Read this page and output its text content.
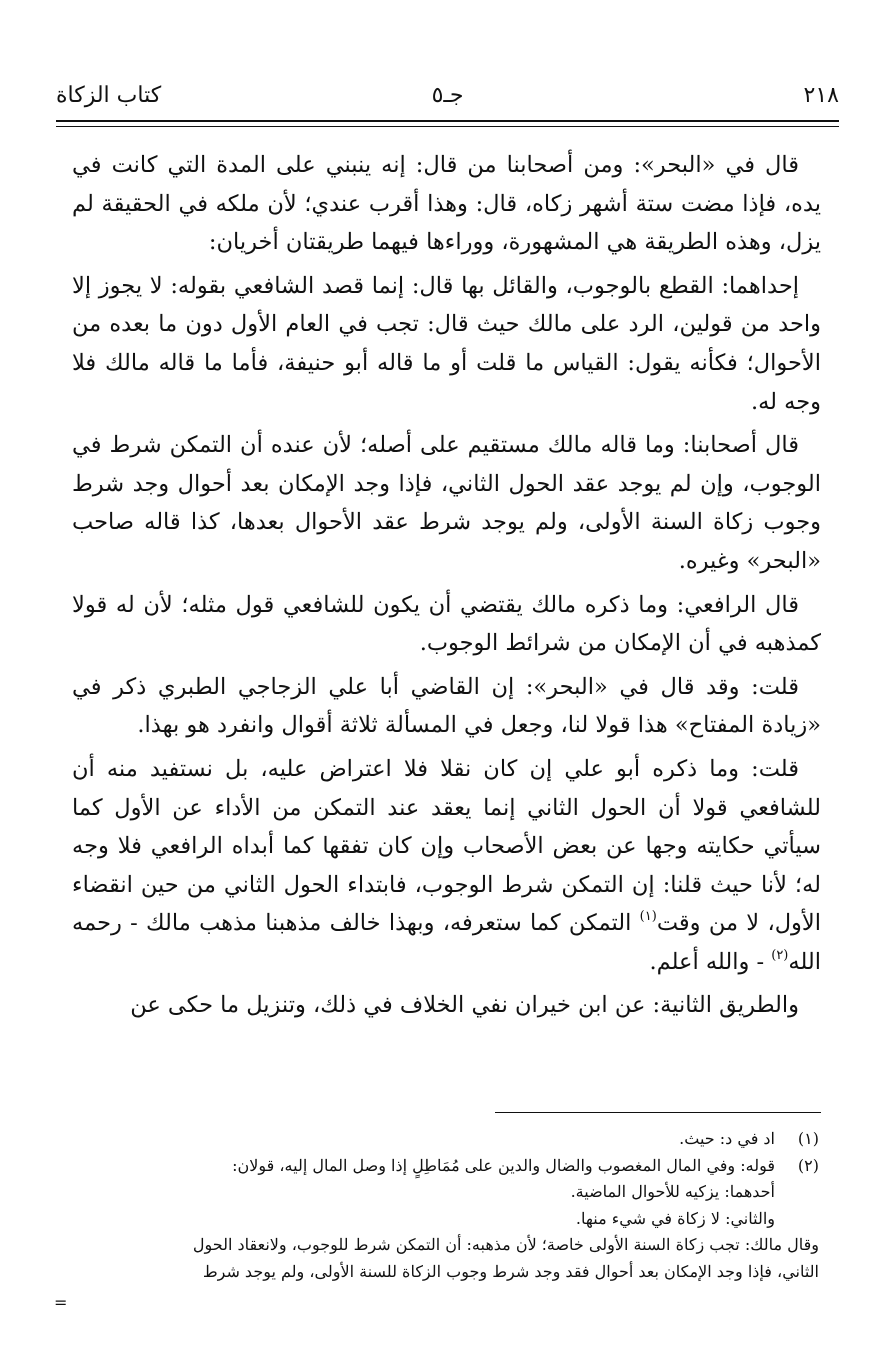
كتاب الزكاة	جـ٥	٢١٨

قال في «البحر»: ومن أصحابنا من قال: إنه ينبني على المدة التي كانت في يده، فإذا مضت ستة أشهر زكاه، قال: وهذا أقرب عندي؛ لأن ملكه في الحقيقة لم يزل، وهذه الطريقة هي المشهورة، ووراءها فيهما طريقتان أخريان:

إحداهما: القطع بالوجوب، والقائل بها قال: إنما قصد الشافعي بقوله: لا يجوز إلا واحد من قولين، الرد على مالك حيث قال: تجب في العام الأول دون ما بعده من الأحوال؛ فكأنه يقول: القياس ما قلت أو ما قاله أبو حنيفة، فأما ما قاله مالك فلا وجه له.

قال أصحابنا: وما قاله مالك مستقيم على أصله؛ لأن عنده أن التمكن شرط في الوجوب، وإن لم يوجد عقد الحول الثاني، فإذا وجد الإمكان بعد أحوال وجد شرط وجوب زكاة السنة الأولى، ولم يوجد شرط عقد الأحوال بعدها، كذا قاله صاحب «البحر» وغيره.

قال الرافعي: وما ذكره مالك يقتضي أن يكون للشافعي قول مثله؛ لأن له قولا كمذهبه في أن الإمكان من شرائط الوجوب.

قلت: وقد قال في «البحر»: إن القاضي أبا علي الزجاجي الطبري ذكر في «زيادة المفتاح» هذا قولا لنا، وجعل في المسألة ثلاثة أقوال وانفرد هو بهذا.

قلت: وما ذكره أبو علي إن كان نقلا فلا اعتراض عليه، بل نستفيد منه أن للشافعي قولا أن الحول الثاني إنما يعقد عند التمكن من الأداء عن الأول كما سيأتي حكايته وجها عن بعض الأصحاب وإن كان تفقها كما أبداه الرافعي فلا وجه له؛ لأنا حيث قلنا: إن التمكن شرط الوجوب، فابتداء الحول الثاني من حين انقضاء الأول، لا من وقت$^{(١)}$ التمكن كما ستعرفه، وبهذا خالف مذهبنا مذهب مالك - رحمه الله$^{(٢)}$ - والله أعلم.

والطريق الثانية: عن ابن خيران نفي الخلاف في ذلك، وتنزيل ما حكى عن

(١)
اد في د: حيث.
(٢)
قوله: وفي المال المغصوب والضال والدين على مُمَاطِلٍ إذا وصل المال إليه، قولان:
أحدهما: يزكيه للأحوال الماضية.
والثاني: لا زكاة في شيء منها.
وقال مالك: تجب زكاة السنة الأولى خاصة؛ لأن مذهبه: أن التمكن شرط للوجوب، ولانعقاد الحول
الثاني، فإذا وجد الإمكان بعد أحوال فقد وجد شرط وجوب الزكاة للسنة الأولى، ولم يوجد شرط
=
